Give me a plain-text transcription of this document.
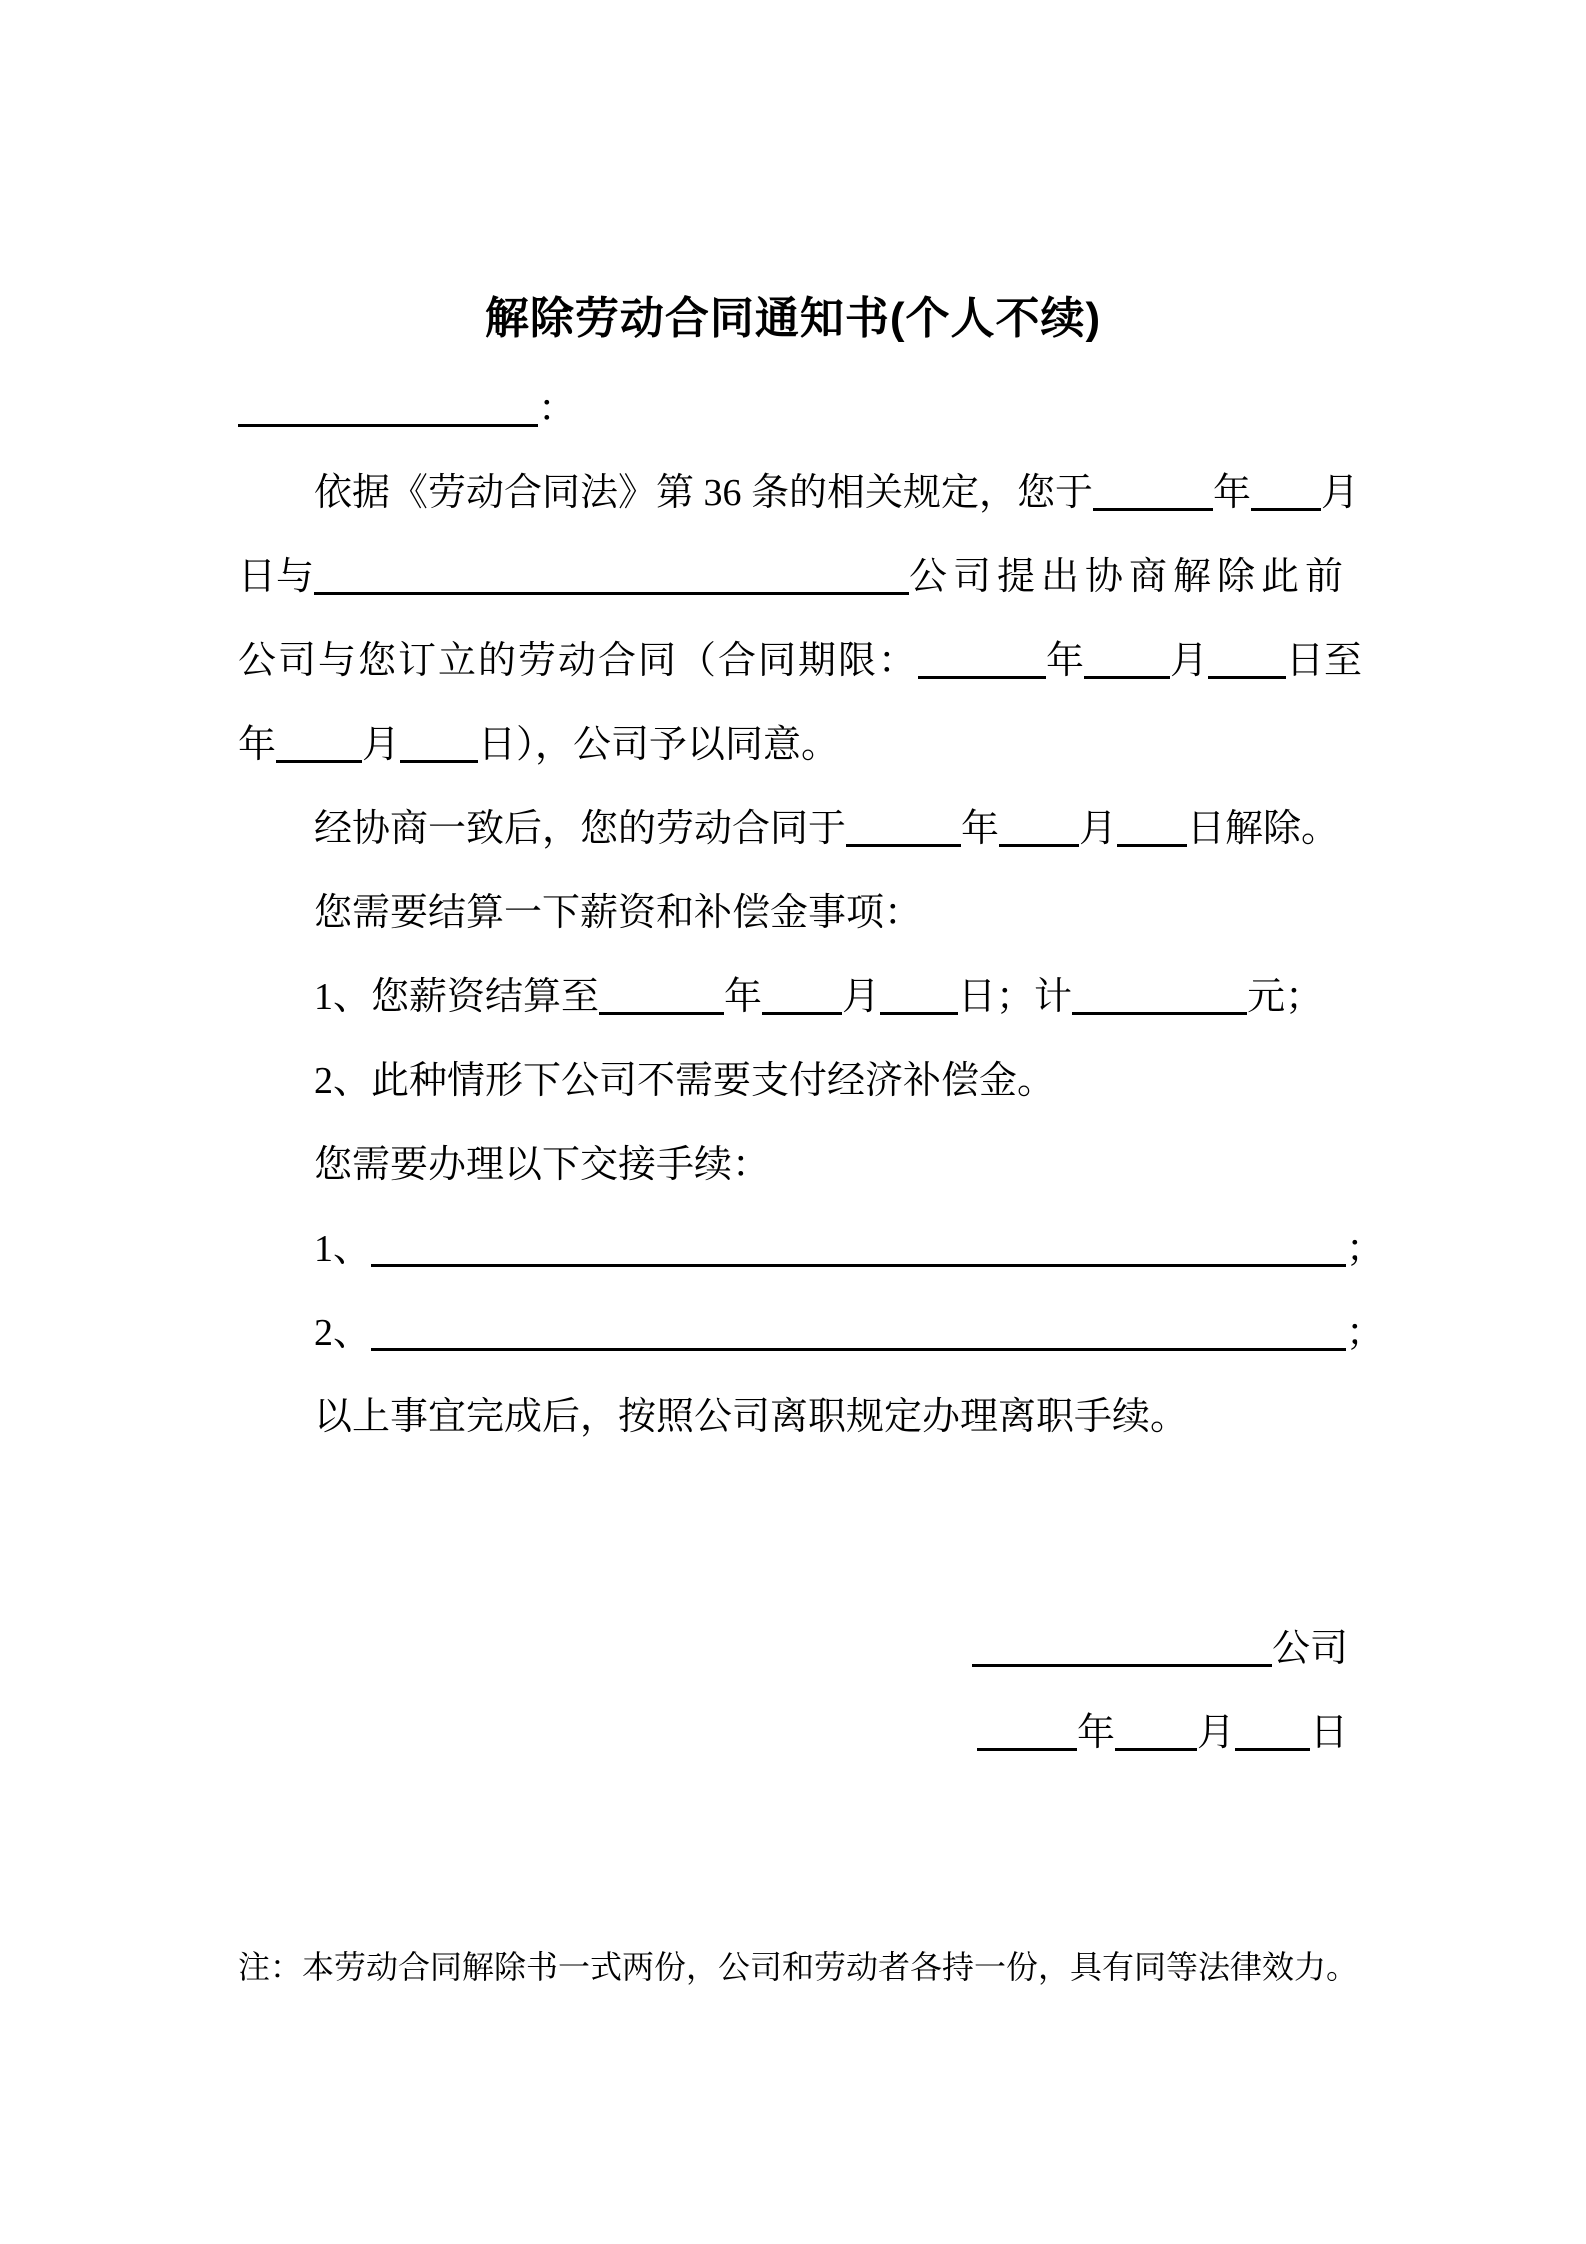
解除劳动合同通知书(个人不续)
：
依据《劳动合同法》第 36 条的相关规定，您于	年 月
日与	公司提出协商解除此前
公司与您订立的劳动合同（合同期限：	年 月 日至
年 月 日），公司予以同意。
经协商一致后，您的劳动合同于	年 月 日解除。
您需要结算一下薪资和补偿金事项：
1、您薪资结算至	年 月 日；计	元；
2、此种情形下公司不需要支付经济补偿金。
您需要办理以下交接手续：
1、	；
2、	；
以上事宜完成后，按照公司离职规定办理离职手续。
公司
年 月 日

注：本劳动合同解除书一式两份，公司和劳动者各持一份，具有同等法律效力。
